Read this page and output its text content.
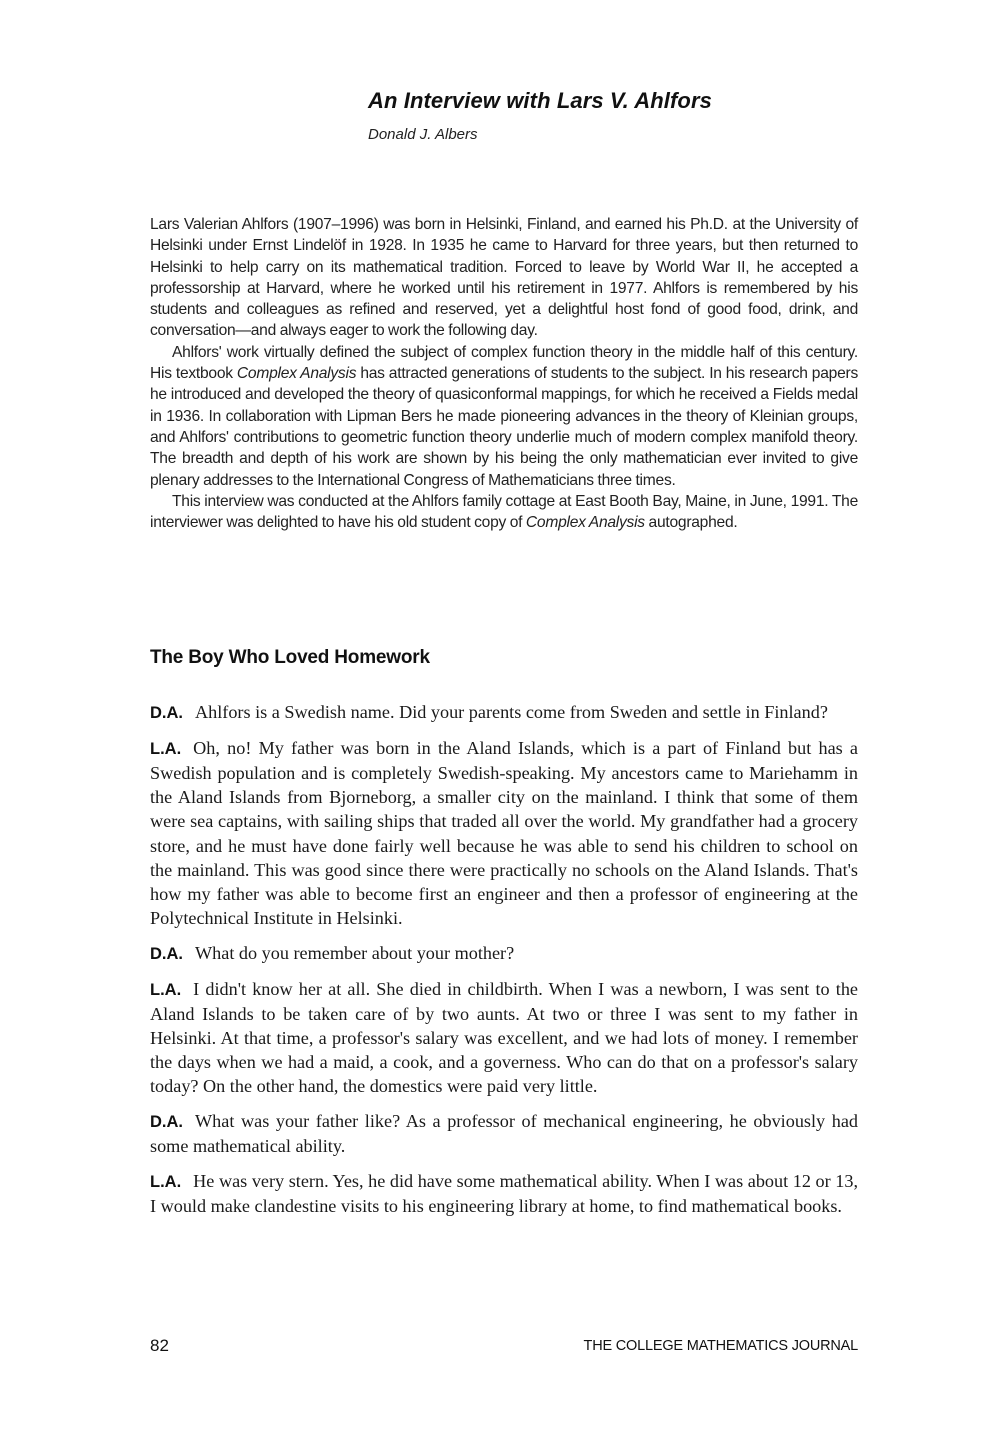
An Interview with Lars V. Ahlfors

Donald J. Albers

Lars Valerian Ahlfors (1907–1996) was born in Helsinki, Finland, and earned his Ph.D. at the University of Helsinki under Ernst Lindelöf in 1928. In 1935 he came to Harvard for three years, but then returned to Helsinki to help carry on its mathematical tradition. Forced to leave by World War II, he accepted a professorship at Harvard, where he worked until his retirement in 1977. Ahlfors is remembered by his students and colleagues as refined and reserved, yet a delightful host fond of good food, drink, and conversation—and always eager to work the following day.

Ahlfors' work virtually defined the subject of complex function theory in the middle half of this century. His textbook Complex Analysis has attracted generations of students to the subject. In his research papers he introduced and developed the theory of quasiconformal mappings, for which he received a Fields medal in 1936. In collaboration with Lipman Bers he made pioneering advances in the theory of Kleinian groups, and Ahlfors' contributions to geometric function theory underlie much of modern complex manifold theory. The breadth and depth of his work are shown by his being the only mathematician ever invited to give plenary addresses to the International Congress of Mathematicians three times.

This interview was conducted at the Ahlfors family cottage at East Booth Bay, Maine, in June, 1991. The interviewer was delighted to have his old student copy of Complex Analysis autographed.

The Boy Who Loved Homework

D.A. Ahlfors is a Swedish name. Did your parents come from Sweden and settle in Finland?

L.A. Oh, no! My father was born in the Aland Islands, which is a part of Finland but has a Swedish population and is completely Swedish-speaking. My ancestors came to Mariehamm in the Aland Islands from Bjorneborg, a smaller city on the mainland. I think that some of them were sea captains, with sailing ships that traded all over the world. My grandfather had a grocery store, and he must have done fairly well because he was able to send his children to school on the mainland. This was good since there were practically no schools on the Aland Islands. That's how my father was able to become first an engineer and then a professor of engineering at the Polytechnical Institute in Helsinki.

D.A. What do you remember about your mother?

L.A. I didn't know her at all. She died in childbirth. When I was a newborn, I was sent to the Aland Islands to be taken care of by two aunts. At two or three I was sent to my father in Helsinki. At that time, a professor's salary was excellent, and we had lots of money. I remember the days when we had a maid, a cook, and a governess. Who can do that on a professor's salary today? On the other hand, the domestics were paid very little.

D.A. What was your father like? As a professor of mechanical engineering, he obviously had some mathematical ability.

L.A. He was very stern. Yes, he did have some mathematical ability. When I was about 12 or 13, I would make clandestine visits to his engineering library at home, to find mathematical books.

82	THE COLLEGE MATHEMATICS JOURNAL
